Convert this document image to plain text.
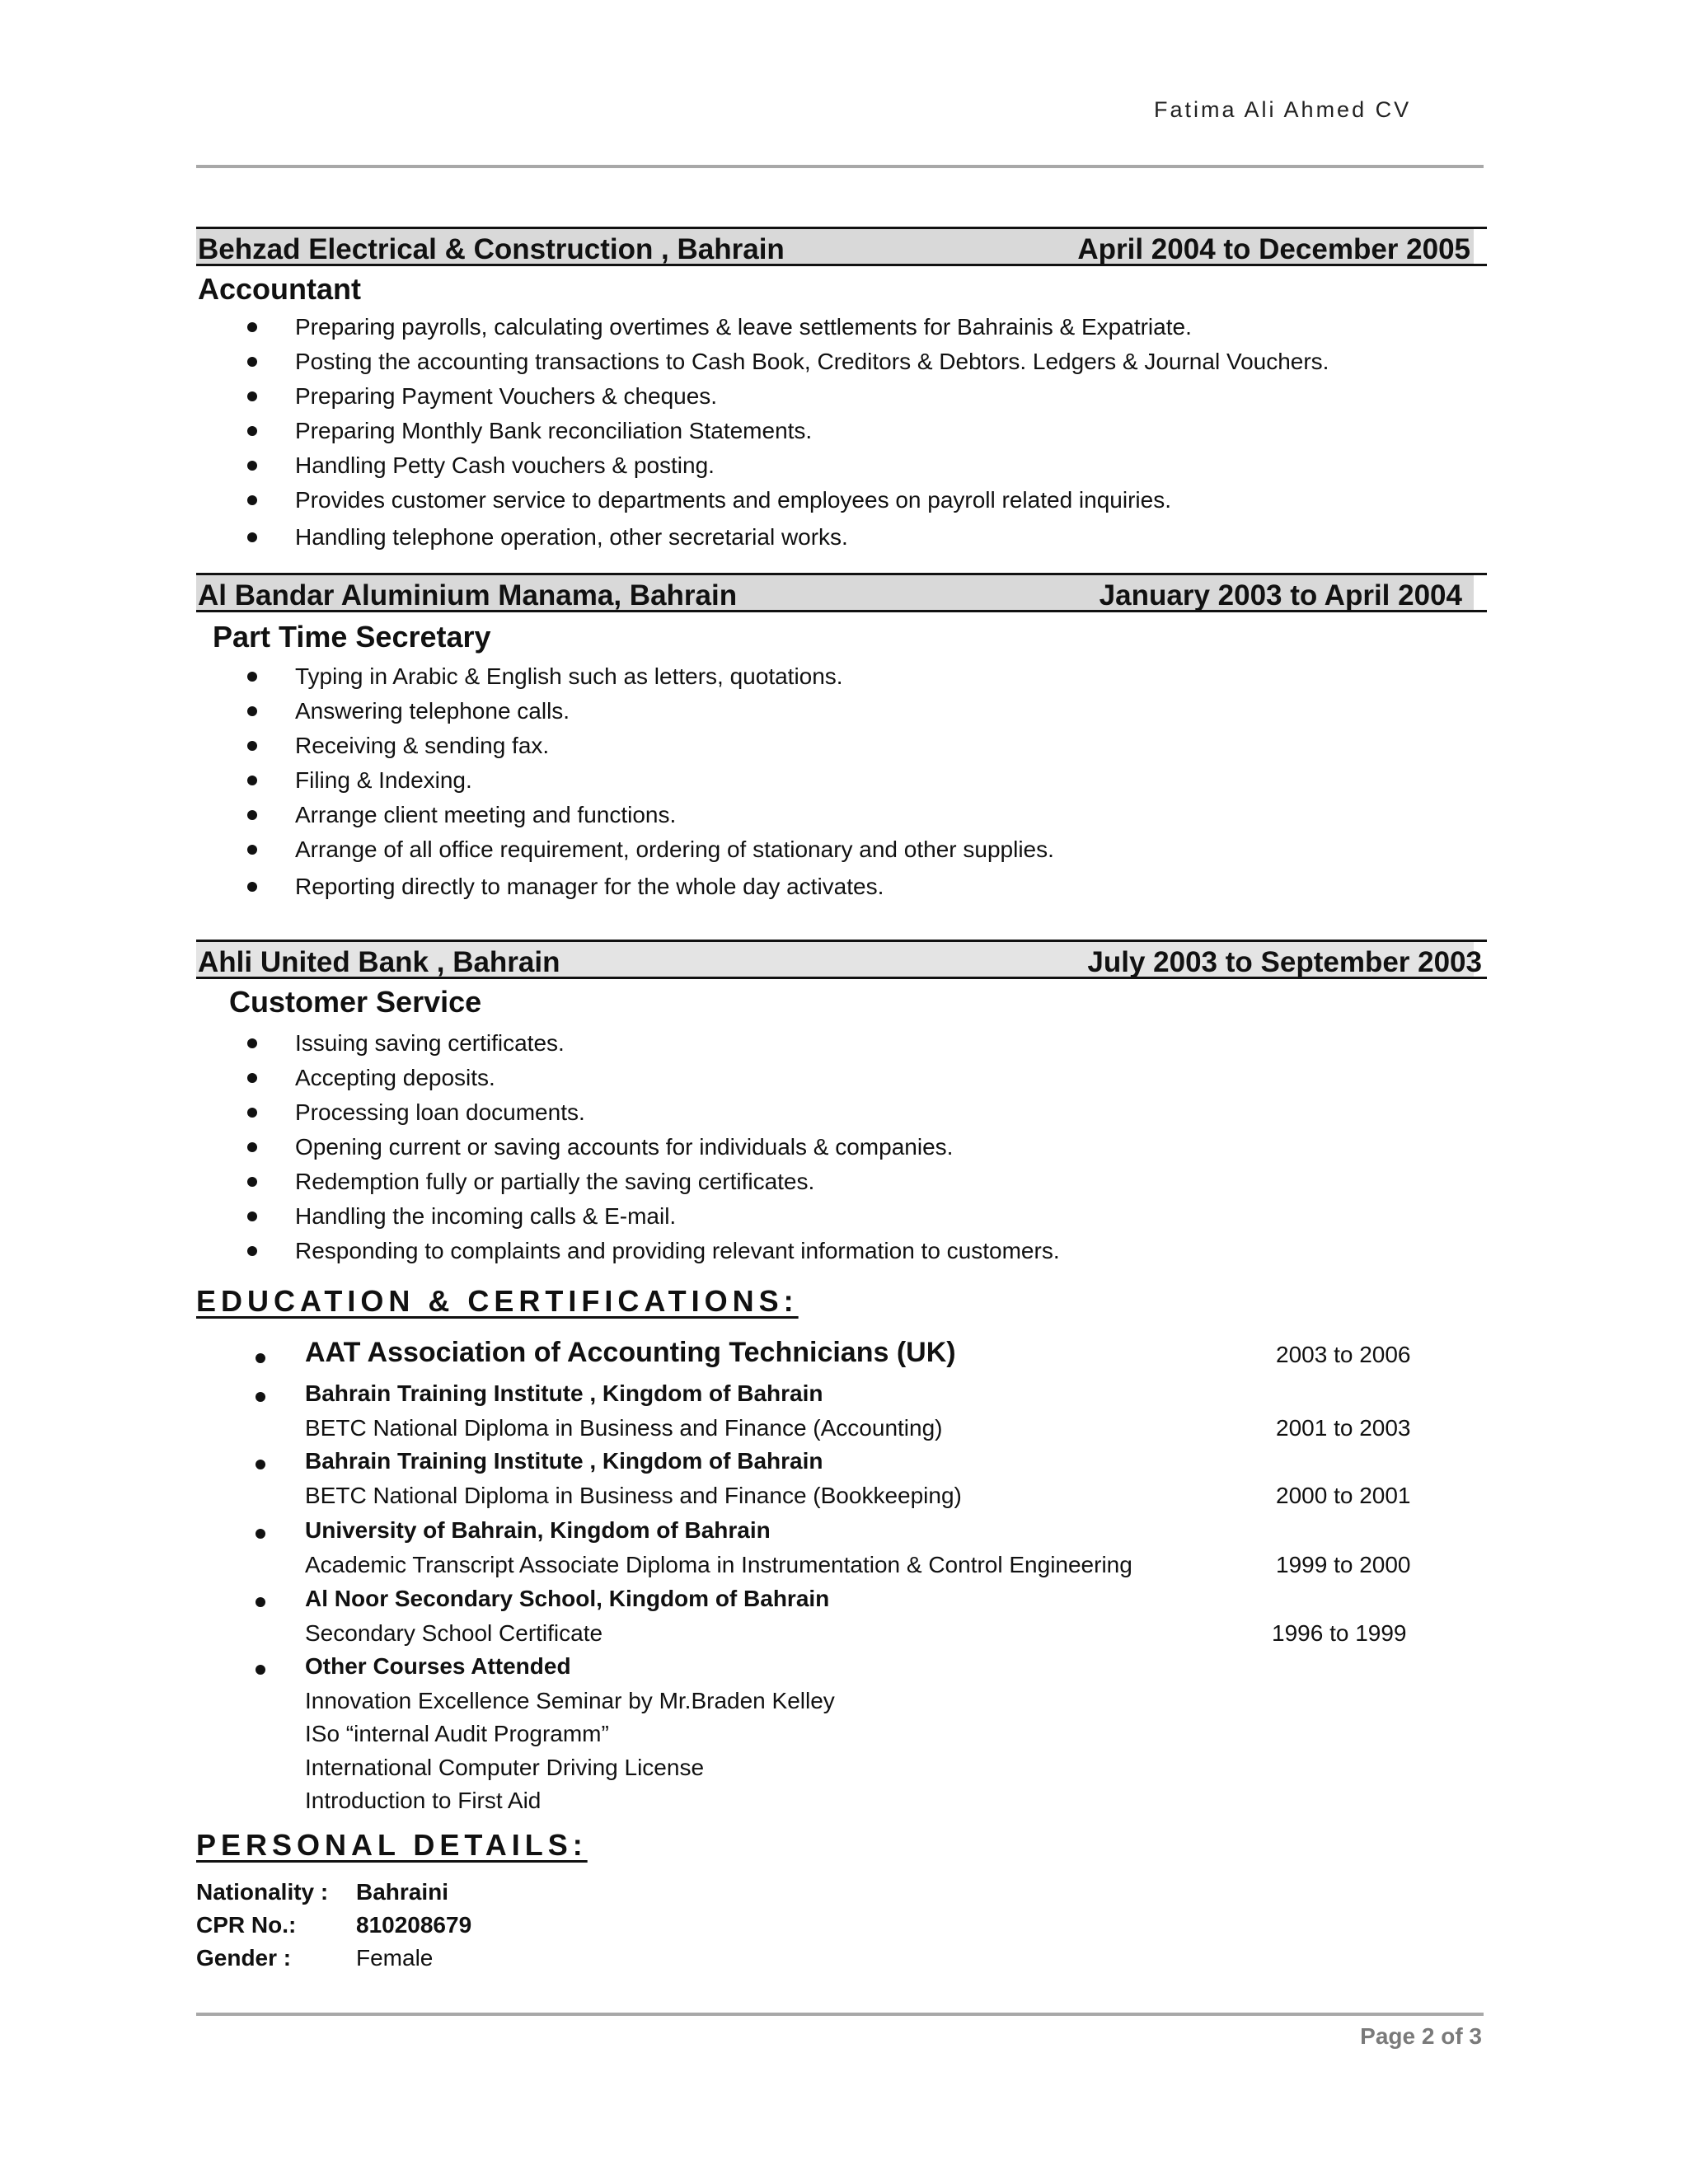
Fatima Ali Ahmed CV
Behzad Electrical & Construction , Bahrain	April 2004 to December 2005
Accountant
Preparing payrolls, calculating overtimes & leave settlements for Bahrainis & Expatriate.
Posting the accounting transactions to Cash Book, Creditors & Debtors. Ledgers & Journal Vouchers.
Preparing Payment Vouchers & cheques.
Preparing Monthly Bank reconciliation Statements.
Handling Petty Cash vouchers & posting.
Provides customer service to departments and employees on payroll related inquiries.
Handling telephone operation, other secretarial works.
Al Bandar Aluminium Manama, Bahrain	January 2003 to April 2004
Part Time Secretary
Typing in Arabic & English such as letters, quotations.
Answering telephone calls.
Receiving & sending fax.
Filing & Indexing.
Arrange client meeting and functions.
Arrange of all office requirement, ordering of stationary and other supplies.
Reporting directly to manager for the whole day activates.
Ahli United Bank , Bahrain	July 2003 to September 2003
Customer Service
Issuing saving certificates.
Accepting deposits.
Processing loan documents.
Opening current or saving accounts for individuals & companies.
Redemption fully or partially the saving certificates.
Handling the incoming calls & E-mail.
Responding to complaints and providing relevant information to customers.
EDUCATION & CERTIFICATIONS:
AAT Association of Accounting Technicians (UK)	2003 to 2006
Bahrain Training Institute , Kingdom of Bahrain
BETC National Diploma in Business and Finance (Accounting)	2001 to 2003
Bahrain Training Institute , Kingdom of Bahrain
BETC National Diploma in Business and Finance (Bookkeeping)	2000 to 2001
University of Bahrain, Kingdom of Bahrain
Academic Transcript Associate Diploma in Instrumentation & Control Engineering	1999 to 2000
Al Noor Secondary School, Kingdom of Bahrain
Secondary School Certificate	1996 to 1999
Other Courses Attended
Innovation Excellence Seminar by Mr.Braden Kelley
ISo “internal Audit Programm”
International Computer Driving License
Introduction to First Aid
PERSONAL DETAILS:
Nationality : Bahraini
CPR No.:	810208679
Gender :	Female
Page 2 of 3
